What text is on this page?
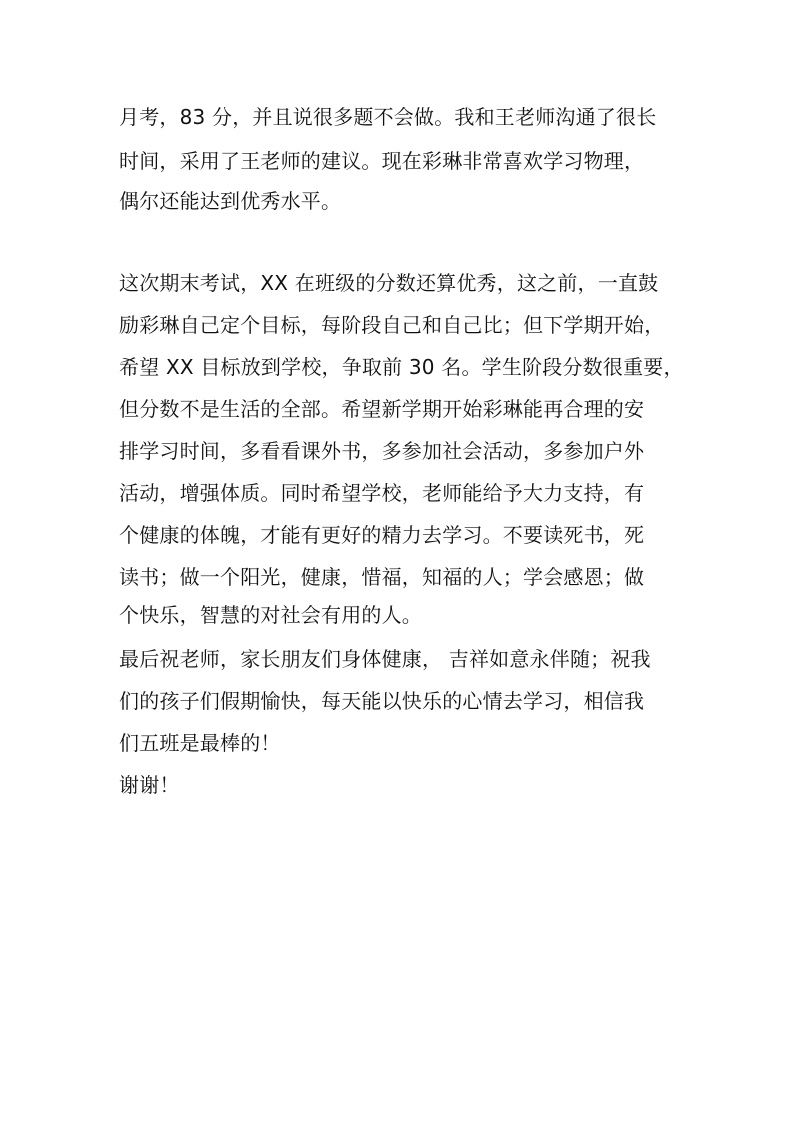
月考，83 分，并且说很多题不会做。我和王老师沟通了很长
时间，采用了王老师的建议。现在彩琳非常喜欢学习物理，
偶尔还能达到优秀水平。
这次期末考试，XX 在班级的分数还算优秀，这之前，一直鼓
励彩琳自己定个目标，每阶段自己和自己比；但下学期开始，
希望 XX 目标放到学校，争取前 30 名。学生阶段分数很重要，
但分数不是生活的全部。希望新学期开始彩琳能再合理的安
排学习时间，多看看课外书，多参加社会活动，多参加户外
活动，增强体质。同时希望学校，老师能给予大力支持，有
个健康的体魄，才能有更好的精力去学习。不要读死书，死
读书；做一个阳光，健康，惜福，知福的人；学会感恩；做
个快乐，智慧的对社会有用的人。
最后祝老师，家长朋友们身体健康， 吉祥如意永伴随；祝我
们的孩子们假期愉快，每天能以快乐的心情去学习，相信我
们五班是最棒的！
谢谢！
